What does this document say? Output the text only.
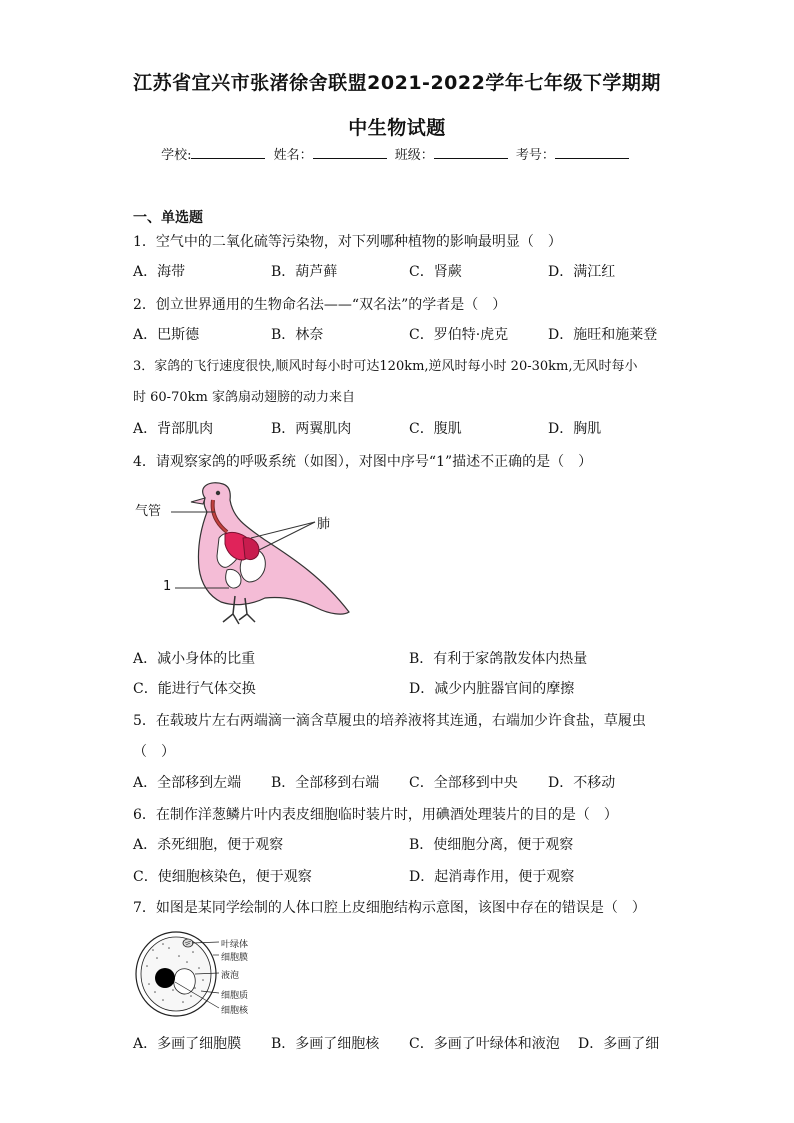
江苏省宜兴市张渚徐舍联盟2021-2022学年七年级下学期期
中生物试题
学校:	姓名：	班级：	考号：
一、单选题
1．空气中的二氧化硫等污染物，对下列哪种植物的影响最明显（　）
A．海带	B．葫芦藓	C．肾蕨	D．满江红
2．创立世界通用的生物命名法——“双名法”的学者是（　）
A．巴斯德	B．林奈	C．罗伯特·虎克	D．施旺和施莱登
3．家鸽的飞行速度很快,顺风时每小时可达120km,逆风时每小时 20-30km,无风时每小
时 60-70km 家鸽扇动翅膀的动力来自
A．背部肌肉	B．两翼肌肉	C．腹肌	D．胸肌
4．请观察家鸽的呼吸系统（如图），对图中序号“1”描述不正确的是（　）
气管
肺
1
A．减小身体的比重	B．有利于家鸽散发体内热量
C．能进行气体交换	D．减少内脏器官间的摩擦
5．在载玻片左右两端滴一滴含草履虫的培养液将其连通，右端加少许食盐，草履虫
（　）
A．全部移到左端 B．全部移到右端 C．全部移到中央 D．不移动
6．在制作洋葱鳞片叶内表皮细胞临时装片时，用碘酒处理装片的目的是（　）
A．杀死细胞，便于观察	B．使细胞分离，便于观察
C．使细胞核染色，便于观察	D．起消毒作用，便于观察
7．如图是某同学绘制的人体口腔上皮细胞结构示意图，该图中存在的错误是（　）
叶绿体
细胞膜
液泡
细胞质
细胞核
A．多画了细胞膜 B．多画了细胞核 C．多画了叶绿体和液泡 D．多画了细
